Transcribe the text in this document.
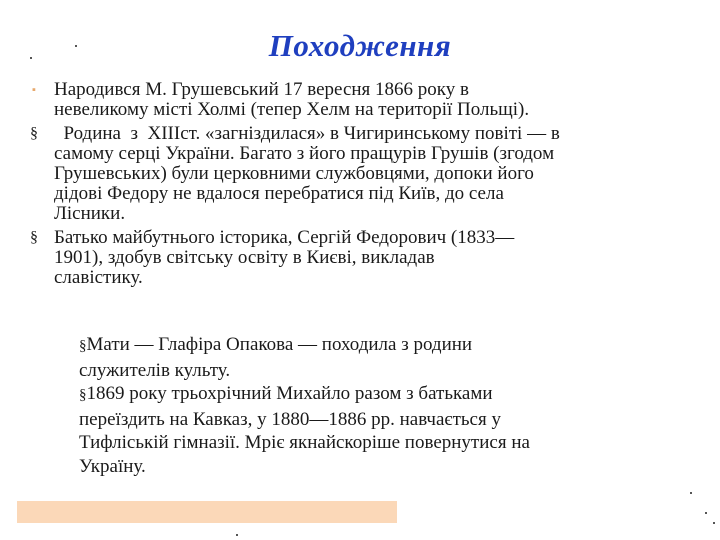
Походження
▪ Народився М. Грушевський 17 вересня 1866 року в
невеликому місті Холмі (тепер Хелм на території Польщі).
§ Родина  з  XIIIст. «загніздилася» в Чигиринському повіті — в
самому серці України. Багато з його пращурів Грушів (згодом
Грушевських) були церковними службовцями, допоки його
дідові Федору не вдалося перебратися під Київ, до села
Лісники.
§ Батько майбутнього історика, Сергій Федорович (1833—
1901), здобув світську освіту в Києві, викладав
славістику.
§Мати — Глафіра Опакова — походила з родини
служителів культу.
§1869 року трьохрічний Михайло разом з батьками
переїздить на Кавказ, у 1880—1886 рр. навчається у
Тифліській гімназії. Мріє якнайскоріше повернутися на
Україну.
